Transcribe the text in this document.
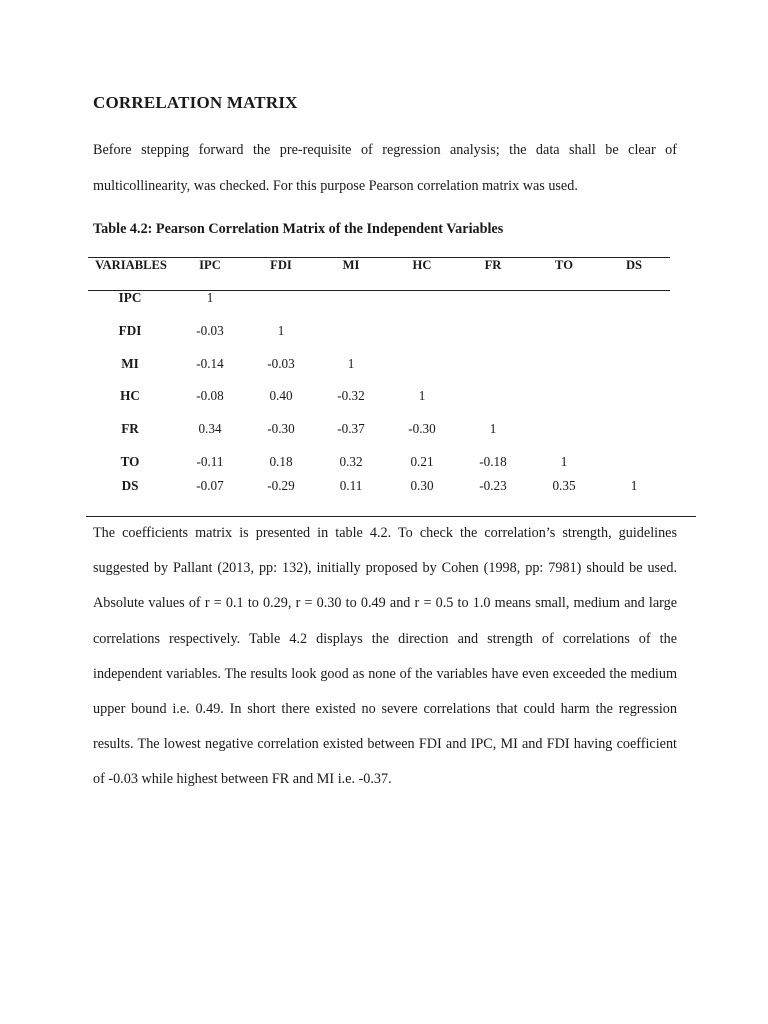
CORRELATION MATRIX
Before stepping forward the pre-requisite of regression analysis; the data shall be clear of multicollinearity, was checked. For this purpose Pearson correlation matrix was used.
Table 4.2: Pearson Correlation Matrix of the Independent Variables
VARIABLES	IPC	FDI	MI	HC	FR	TO	DS
IPC	1
FDI	-0.03	1
MI	-0.14	-0.03	1
HC	-0.08	0.40	-0.32	1
FR	0.34	-0.30	-0.37	-0.30	1
TO	-0.11	0.18	0.32	0.21	-0.18	1
DS	-0.07	-0.29	0.11	0.30	-0.23	0.35	1
The coefficients matrix is presented in table 4.2. To check the correlation’s strength, guidelines suggested by Pallant (2013, pp: 132), initially proposed by Cohen (1998, pp: 7981) should be used. Absolute values of r = 0.1 to 0.29, r = 0.30 to 0.49 and r = 0.5 to 1.0 means small, medium and large correlations respectively. Table 4.2 displays the direction and strength of correlations of the independent variables. The results look good as none of the variables have even exceeded the medium upper bound i.e. 0.49. In short there existed no severe correlations that could harm the regression results. The lowest negative correlation existed between FDI and IPC, MI and FDI having coefficient of -0.03 while highest between FR and MI i.e. -0.37.
